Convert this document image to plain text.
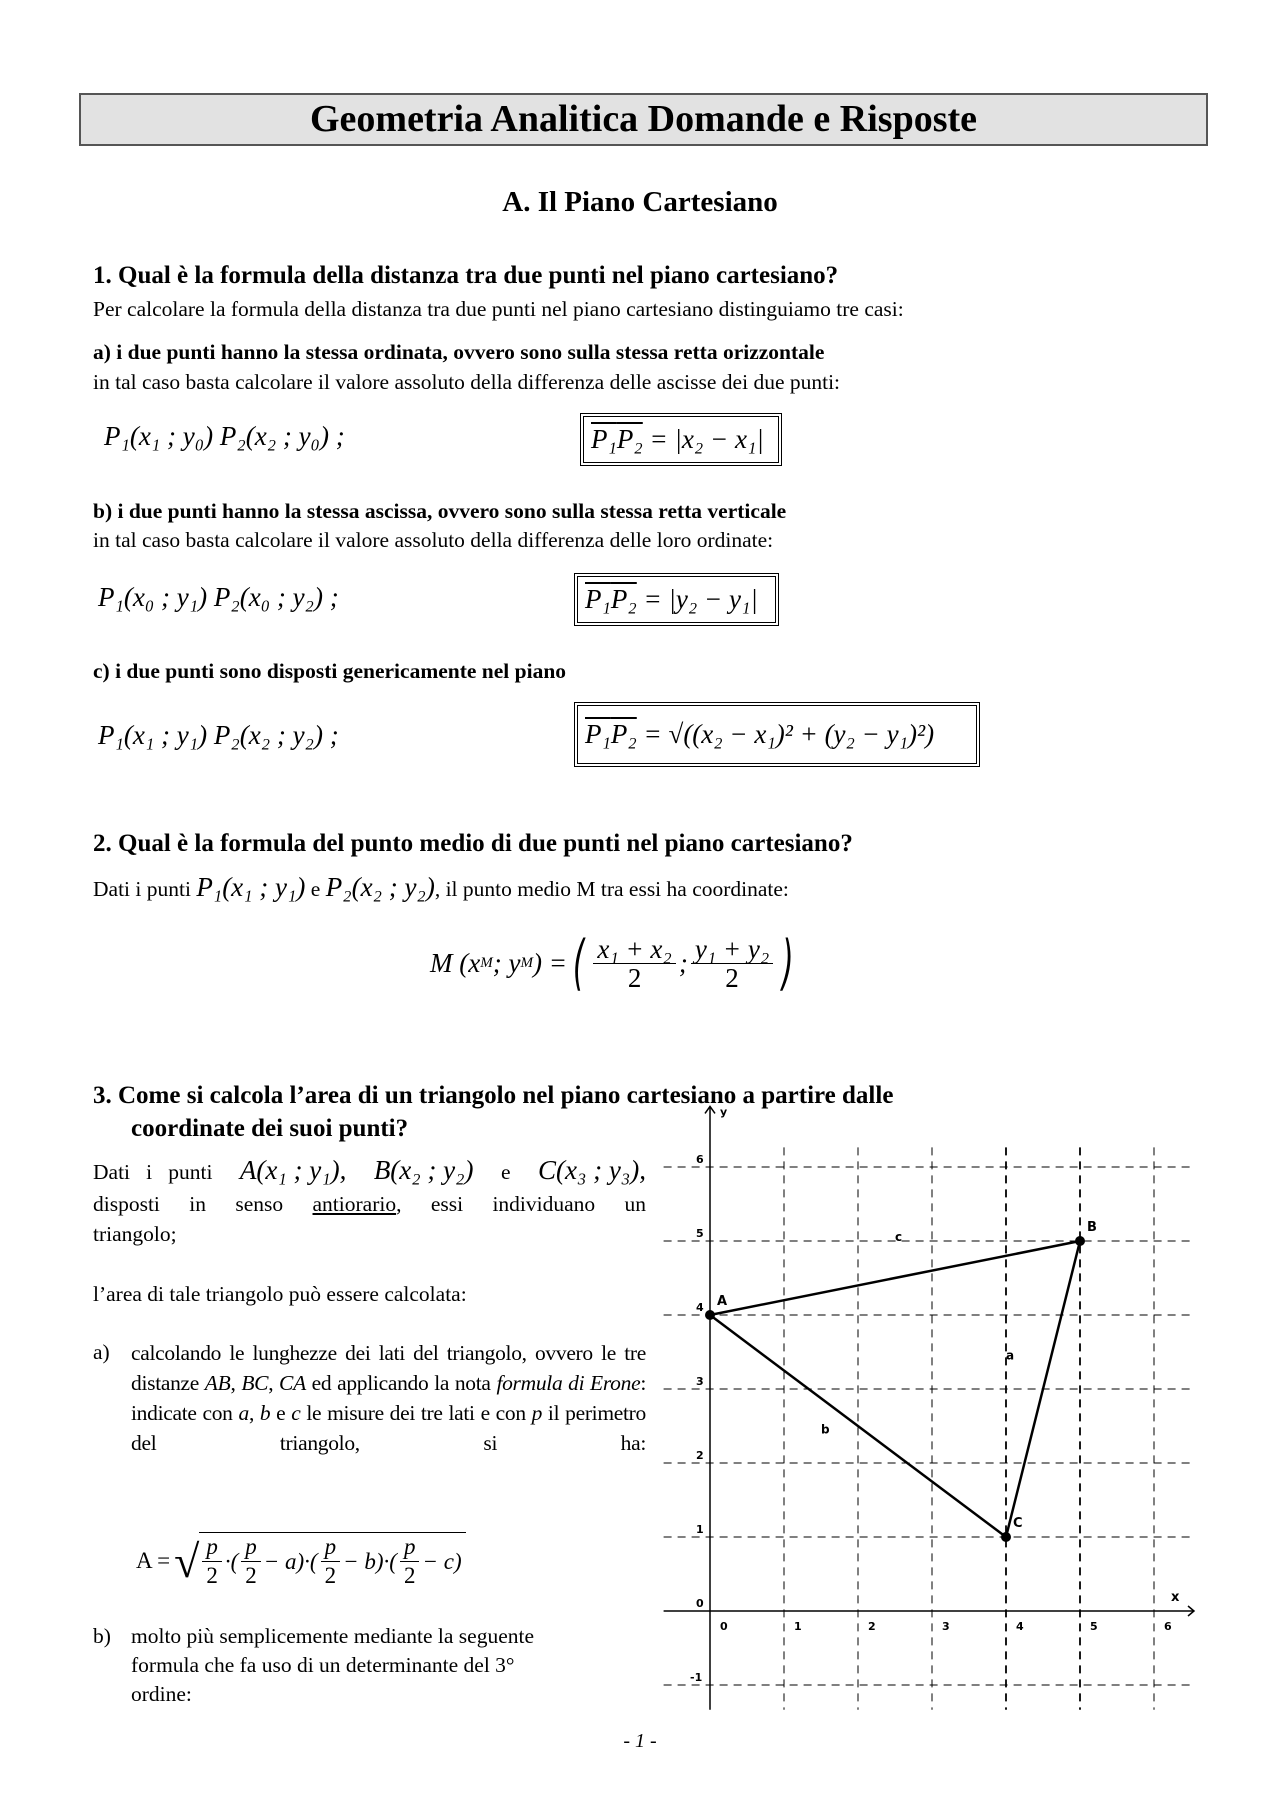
Geometria Analitica Domande e Risposte
A. Il Piano Cartesiano
1. Qual è la formula della distanza tra due punti nel piano cartesiano?
Per calcolare la formula della distanza tra due punti nel piano cartesiano distinguiamo tre casi:
a) i due punti hanno la stessa ordinata, ovvero sono sulla stessa retta orizzontale
in tal caso basta calcolare il valore assoluto della differenza delle ascisse dei due punti:
P₁(x₁ ; y₀) P₂(x₂ ; y₀) ;	P₁ P₂
= |x₂ − x₁|
b) i due punti hanno la stessa ascissa, ovvero sono sulla stessa retta verticale
in tal caso basta calcolare il valore assoluto della differenza delle loro ordinate:
P₁(x₀ ; y₁) P₂(x₀ ; y₂) ;	P₁ P₂
= |y₂ − y₁|
c) i due punti sono disposti genericamente nel piano
P₁(x₁ ; y₁) P₂(x₂ ; y₂) ;	P₁ P₂
= √((x₂ − x₁)² + (y₂ − y₁)²)
2. Qual è la formula del punto medio di due punti nel piano cartesiano?
Dati i punti P₁(x₁ ; y₁) e P₂(x₂ ; y₂), il punto medio M tra essi ha coordinate:
M (x M ; y M ) = ( $\frac{\text{x₁ + x₂}}{2}$ ; $\frac{\text{y₁ + y₂}}{2}$ )
3. Come si calcola l’area di un triangolo nel piano cartesiano a partire dalle
coordinate dei suoi punti?
Dati   i   punti A(x₁ ; y₁), B(x₂ ; y₂) e C(x₃ ; y₃),
disposti in senso antiorario, essi individuano un
triangolo;
l’area di tale triangolo può essere calcolata:
a) calcolando le lunghezze dei lati del triangolo, ovvero le tre distanze AB, BC, CA ed applicando la nota formula di Erone: indicate con a, b e c le misure dei tre lati e con p il perimetro del triangolo, si ha:
A = √ $\frac{p}{2}$ ·( $\frac{p}{2} - a$ )·( $\frac{p}{2} - b$ )·( $\frac{p}{2} - c$ )
b) molto più semplicemente mediante la seguente
formula che fa uso di un determinante del 3°
ordine:
x
y
0	1	2	3	4	5	6
-1
0
1
2
3
4
5
6
c
a
b
A
B
C
- 1 -
